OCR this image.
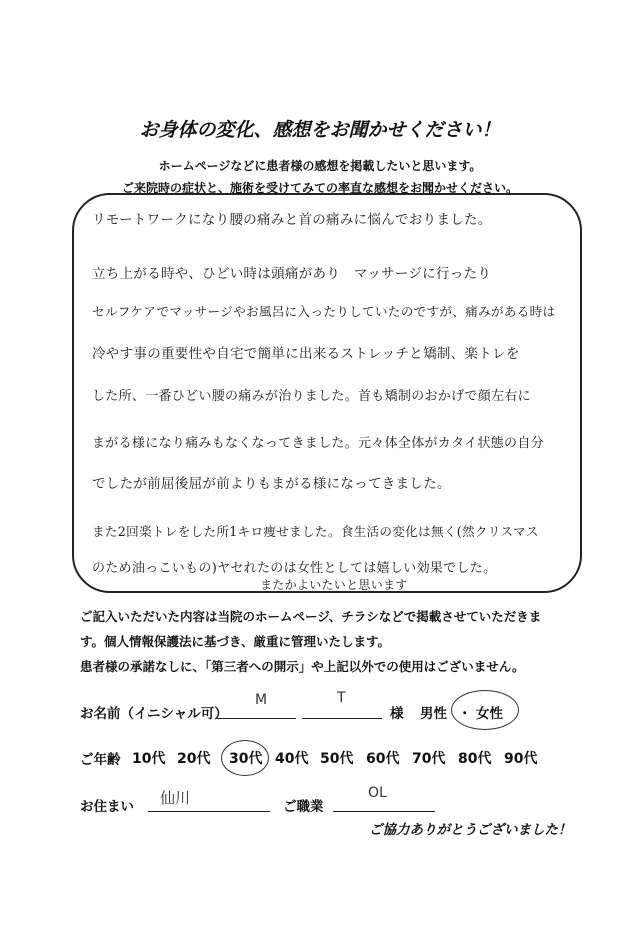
お身体の変化、感想をお聞かせください！
ホームページなどに患者様の感想を掲載したいと思います。
ご来院時の症状と、施術を受けてみての率直な感想をお聞かせください。
リモートワークになり腰の痛みと首の痛みに悩んでおりました。
立ち上がる時や、ひどい時は頭痛があり　マッサージに行ったり
セルフケアでマッサージやお風呂に入ったりしていたのですが、痛みがある時は
冷やす事の重要性や自宅で簡単に出来るストレッチと矯制、楽トレを
した所、一番ひどい腰の痛みが治りました。首も矯制のおかげで顔左右に
まがる様になり痛みもなくなってきました。元々体全体がカタイ状態の自分
でしたが前屈後屈が前よりもまがる様になってきました。
また2回楽トレをした所1キロ痩せました。食生活の変化は無く(然クリスマス
のため油っこいもの)ヤセれたのは女性としては嬉しい効果でした。
またかよいたいと思います
ご記入いただいた内容は当院のホームページ、チラシなどで掲載させていただきま
す。個人情報保護法に基づき、厳重に管理いたします。
患者様の承諾なしに、「第三者への開示」や上記以外での使用はございません。
お名前（イニシャル可）
M	T
様 男性 ・ 女性
ご年齢 10代 20代 30代 40代 50代 60代 70代 80代 90代
お住まい 仙川	ご職業
OL
ご協力ありがとうございました！
